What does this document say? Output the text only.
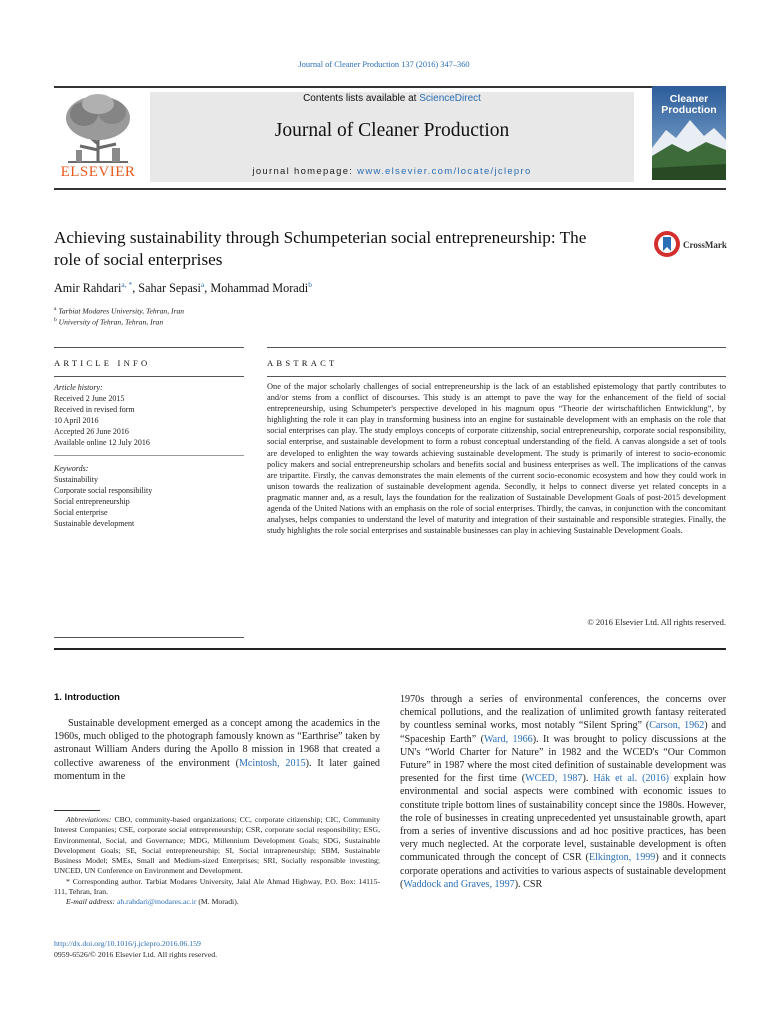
Journal of Cleaner Production 137 (2016) 347–360
ELSEVIER
Contents lists available at ScienceDirect
Journal of Cleaner Production
journal homepage: www.elsevier.com/locate/jclepro
Cleaner
Production
Achieving sustainability through Schumpeterian social entrepreneurship: The role of social enterprises
CrossMark
Amir Rahdari$^{a, *}$, Sahar Sepasi$^a$, Mohammad Moradi$^b$
$^a$ Tarbiat Modares University, Tehran, Iran
$^b$ University of Tehran, Tehran, Iran
ARTICLE INFO	ABSTRACT
Article history:
Received 2 June 2015
Received in revised form
10 April 2016
Accepted 26 June 2016
Available online 12 July 2016
Keywords:
Sustainability
Corporate social responsibility
Social entrepreneurship
Social enterprise
Sustainable development
One of the major scholarly challenges of social entrepreneurship is the lack of an established epistemology that partly contributes to and/or stems from a conflict of discourses. This study is an attempt to pave the way for the enhancement of the field of social entrepreneurship, using Schumpeter's perspective developed in his magnum opus “Theorie der wirtschaftlichen Entwicklung”, by highlighting the role it can play in transforming business into an engine for sustainable development with an emphasis on the role that social enterprises can play. The study employs concepts of corporate citizenship, social entrepreneurship, corporate social responsibility, social enterprise, and sustainable development to form a robust conceptual understanding of the field. A canvas alongside a set of tools are developed to enlighten the way towards achieving sustainable development. The study is primarily of interest to socio-economic policy makers and social entrepreneurship scholars and benefits social and business enterprises as well. The implications of the canvas are tripartite. Firstly, the canvas demonstrates the main elements of the current socio-economic ecosystem and how they could work in unison towards the realization of sustainable development agenda. Secondly, it helps to connect diverse yet related concepts in a pragmatic manner and, as a result, lays the foundation for the realization of Sustainable Development Goals of post-2015 development agenda of the United Nations with an emphasis on the role of social enterprises. Thirdly, the canvas, in conjunction with the concomitant analyses, helps companies to understand the level of maturity and integration of their sustainable and responsible strategies. Finally, the study highlights the role social enterprises and sustainable businesses can play in achieving Sustainable Development Goals.
© 2016 Elsevier Ltd. All rights reserved.
1. Introduction
Sustainable development emerged as a concept among the academics in the 1960s, much obliged to the photograph famously known as “Earthrise” taken by astronaut William Anders during the Apollo 8 mission in 1968 that created a collective awareness of the environment (Mcintosh, 2015). It later gained momentum in the
1970s through a series of environmental conferences, the concerns over chemical pollutions, and the realization of unlimited growth fantasy reiterated by countless seminal works, most notably “Silent Spring” (Carson, 1962) and “Spaceship Earth” (Ward, 1966). It was brought to policy discussions at the UN's “World Charter for Nature” in 1982 and the WCED's “Our Common Future” in 1987 where the most cited definition of sustainable development was presented for the first time (WCED, 1987). Hák et al. (2016) explain how environmental and social aspects were combined with economic issues to constitute triple bottom lines of sustainability concept since the 1980s. However, the role of businesses in creating unprecedented yet unsustainable growth, apart from a series of inventive discussions and ad hoc positive practices, has been very much neglected. At the corporate level, sustainable development is often communicated through the concept of CSR (Elkington, 1999) and it connects corporate operations and activities to various aspects of sustainable development (Waddock and Graves, 1997). CSR

Abbreviations: CBO, community-based organizations; CC, corporate citizenship; CIC, Community Interest Companies; CSE, corporate social entrepreneurship; CSR, corporate social responsibility; ESG, Environmental, Social, and Governance; MDG, Millennium Development Goals; SDG, Sustainable Development Goals; SE, Social entrepreneurship; SI, Social intrapreneurship; SBM, Sustainable Business Model; SMEs, Small and Medium-sized Enterprises; SRI, Socially responsible investing; UNCED, UN Conference on Environment and Development.

* Corresponding author. Tarbiat Modares University, Jalal Ale Ahmad Highway, P.O. Box: 14115-111, Tehran, Iran.

E-mail address: ah.rahdari@modares.ac.ir (M. Moradi).

http://dx.doi.org/10.1016/j.jclepro.2016.06.159
0959-6526/© 2016 Elsevier Ltd. All rights reserved.
